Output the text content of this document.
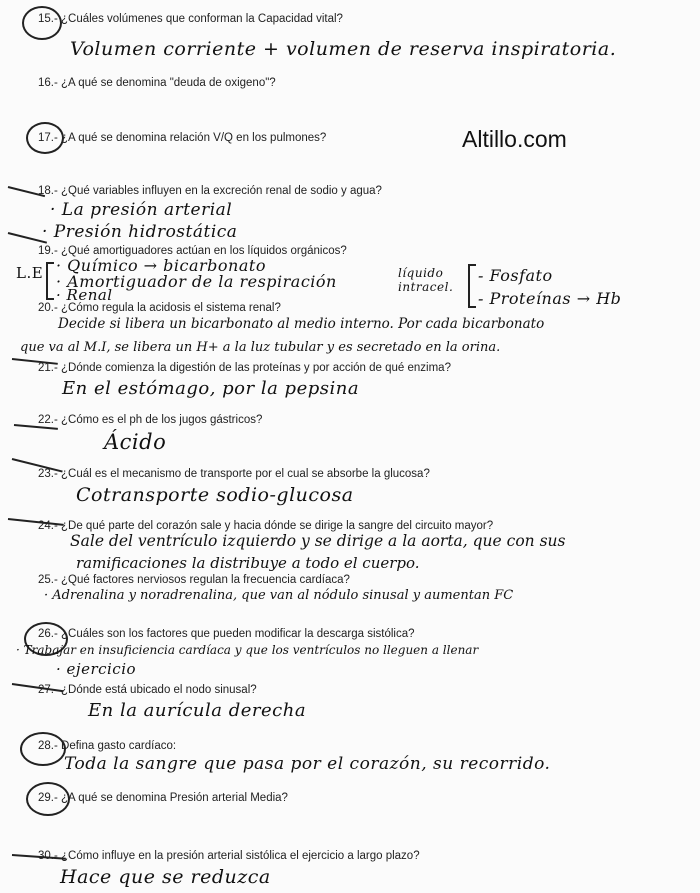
Altillo.com
15.- ¿Cuáles volúmenes que conforman la Capacidad vital?
Volumen corriente + volumen de reserva inspiratoria.
16.- ¿A qué se denomina "deuda de oxigeno"?
17.- ¿A qué se denomina relación V/Q en los pulmones?
18.- ¿Qué variables influyen en la excreción renal de sodio y agua?
· La presión arterial
· Presión hidrostática
19.- ¿Qué amortiguadores actúan en los líquidos orgánicos?
L.E · Químico → bicarbonato
· Amortiguador de la respiración
· Renal
líquido intracel.
- Fosfato
- Proteínas → Hb
20.- ¿Cómo regula la acidosis el sistema renal?
Decide si libera un bicarbonato al medio interno. Por cada bicarbonato
que va al M.I, se libera un H+ a la luz tubular y es secretado en la orina.
21.- ¿Dónde comienza la digestión de las proteínas y por acción de qué enzima?
En el estómago, por la pepsina
22.- ¿Cómo es el ph de los jugos gástricos?
Ácido
23.- ¿Cuál es el mecanismo de transporte por el cual se absorbe la glucosa?
Cotransporte sodio-glucosa
24.- ¿De qué parte del corazón sale y hacia dónde se dirige la sangre del circuito mayor?
Sale del ventrículo izquierdo y se dirige a la aorta, que con sus
ramificaciones la distribuye a todo el cuerpo.
25.- ¿Qué factores nerviosos regulan la frecuencia cardíaca?
· Adrenalina y noradrenalina, que van al nódulo sinusal y aumentan FC
26.- ¿Cuáles son los factores que pueden modificar la descarga sistólica?
· Trabajar en insuficiencia cardíaca y que los ventrículos no lleguen a llenar
· ejercicio
27.- ¿Dónde está ubicado el nodo sinusal?
En la aurícula derecha
28.- Defina gasto cardíaco:
Toda la sangre que pasa por el corazón, su recorrido.
29.- ¿A qué se denomina Presión arterial Media?
30.- ¿Cómo influye en la presión arterial sistólica el ejercicio a largo plazo?
Hace que se reduzca
